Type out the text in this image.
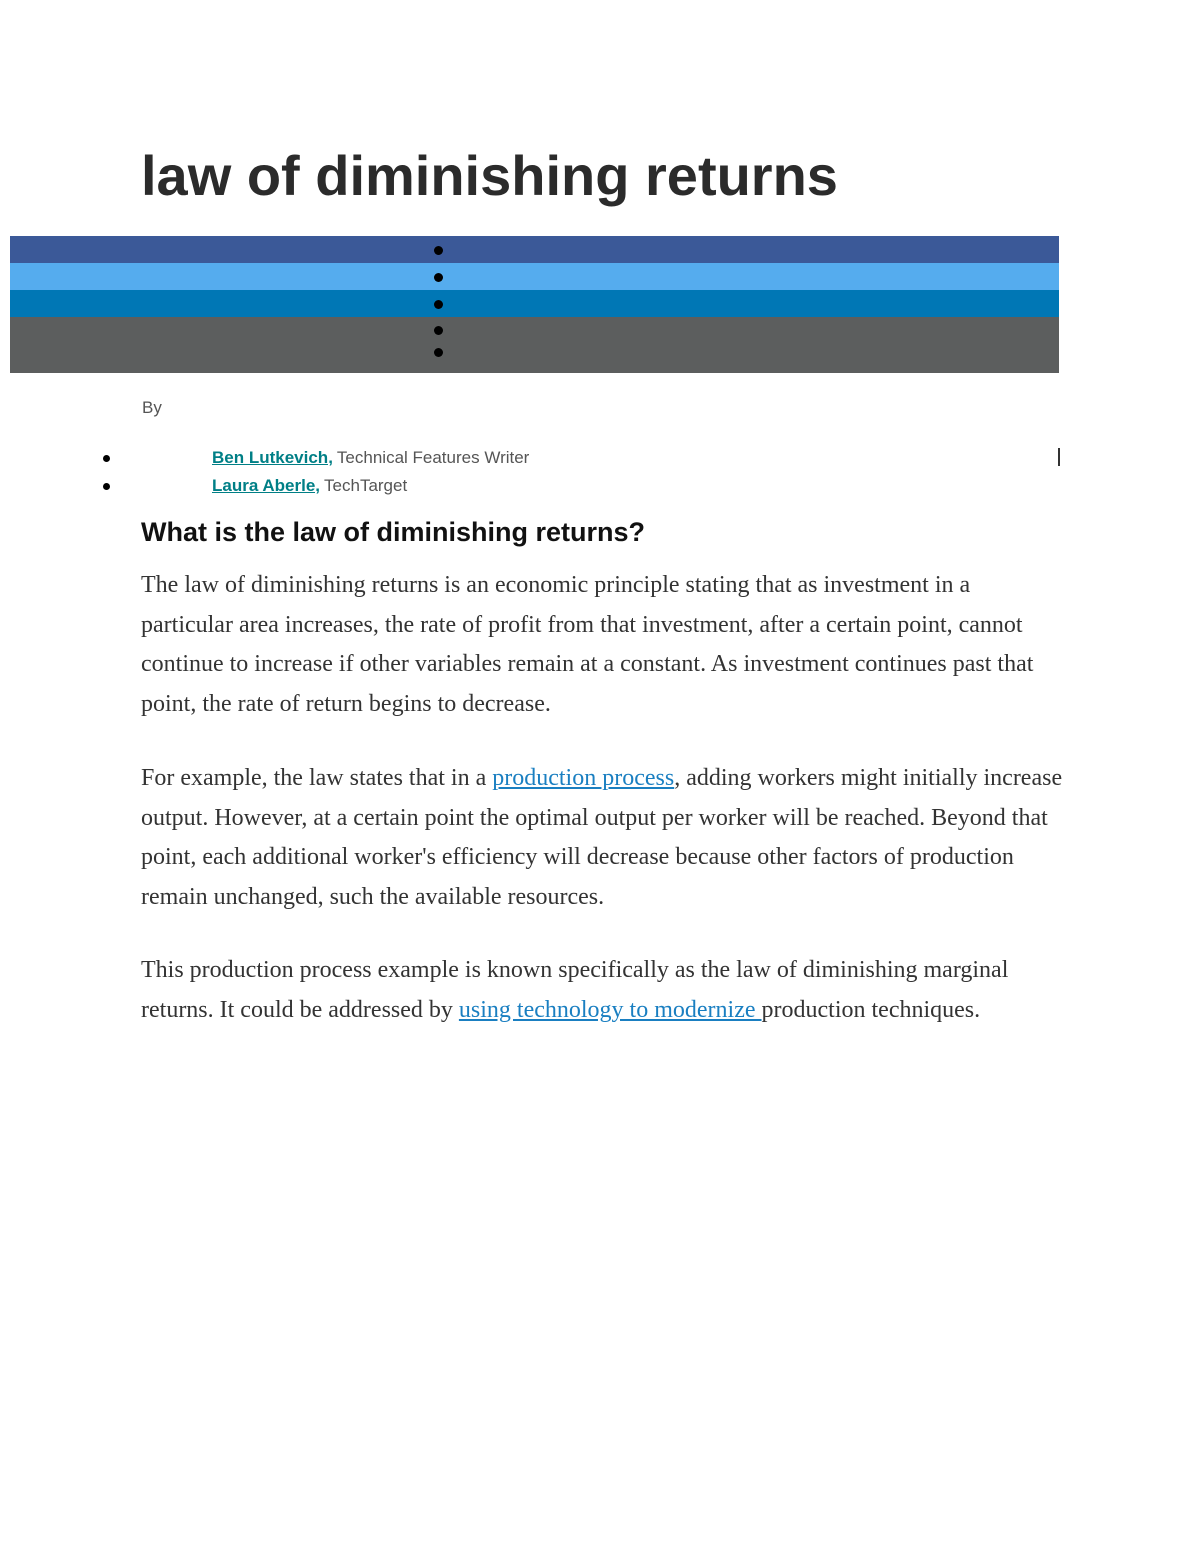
law of diminishing returns
By
Ben Lutkevich, Technical Features Writer
Laura Aberle, TechTarget
What is the law of diminishing returns?

The law of diminishing returns is an economic principle stating that as investment in a particular area increases, the rate of profit from that investment, after a certain point, cannot continue to increase if other variables remain at a constant. As investment continues past that point, the rate of return begins to decrease.

For example, the law states that in a production process, adding workers might initially increase output. However, at a certain point the optimal output per worker will be reached. Beyond that point, each additional worker's efficiency will decrease because other factors of production remain unchanged, such the available resources.

This production process example is known specifically as the law of diminishing marginal returns. It could be addressed by using technology to modernize production techniques.
